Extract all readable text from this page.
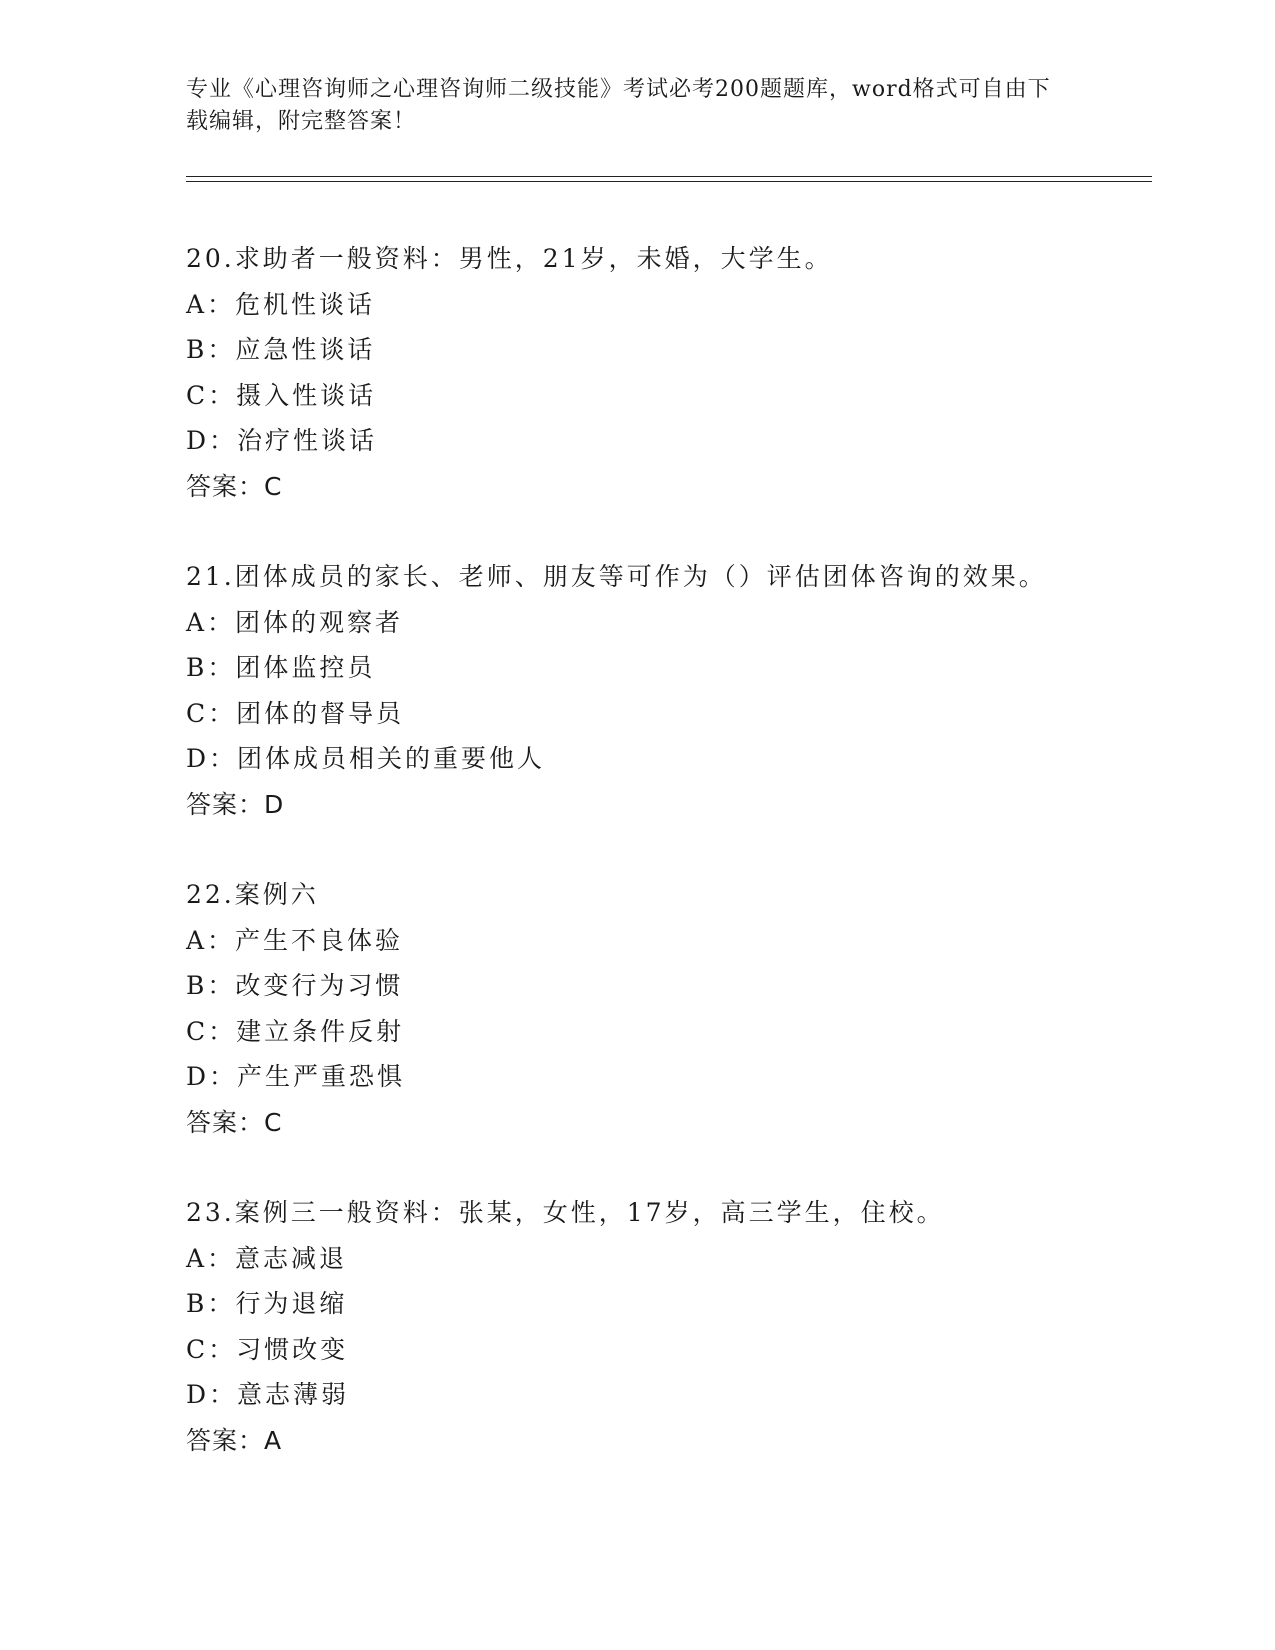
专业《心理咨询师之心理咨询师二级技能》考试必考200题题库，word格式可自由下载编辑，附完整答案！
20.求助者一般资料：男性，21岁，未婚，大学生。
A：危机性谈话
B：应急性谈话
C：摄入性谈话
D：治疗性谈话
答案：C
21.团体成员的家长、老师、朋友等可作为（）评估团体咨询的效果。
A：团体的观察者
B：团体监控员
C：团体的督导员
D：团体成员相关的重要他人
答案：D
22.案例六
A：产生不良体验
B：改变行为习惯
C：建立条件反射
D：产生严重恐惧
答案：C
23.案例三一般资料：张某，女性，17岁，高三学生，住校。
A：意志减退
B：行为退缩
C：习惯改变
D：意志薄弱
答案：A
